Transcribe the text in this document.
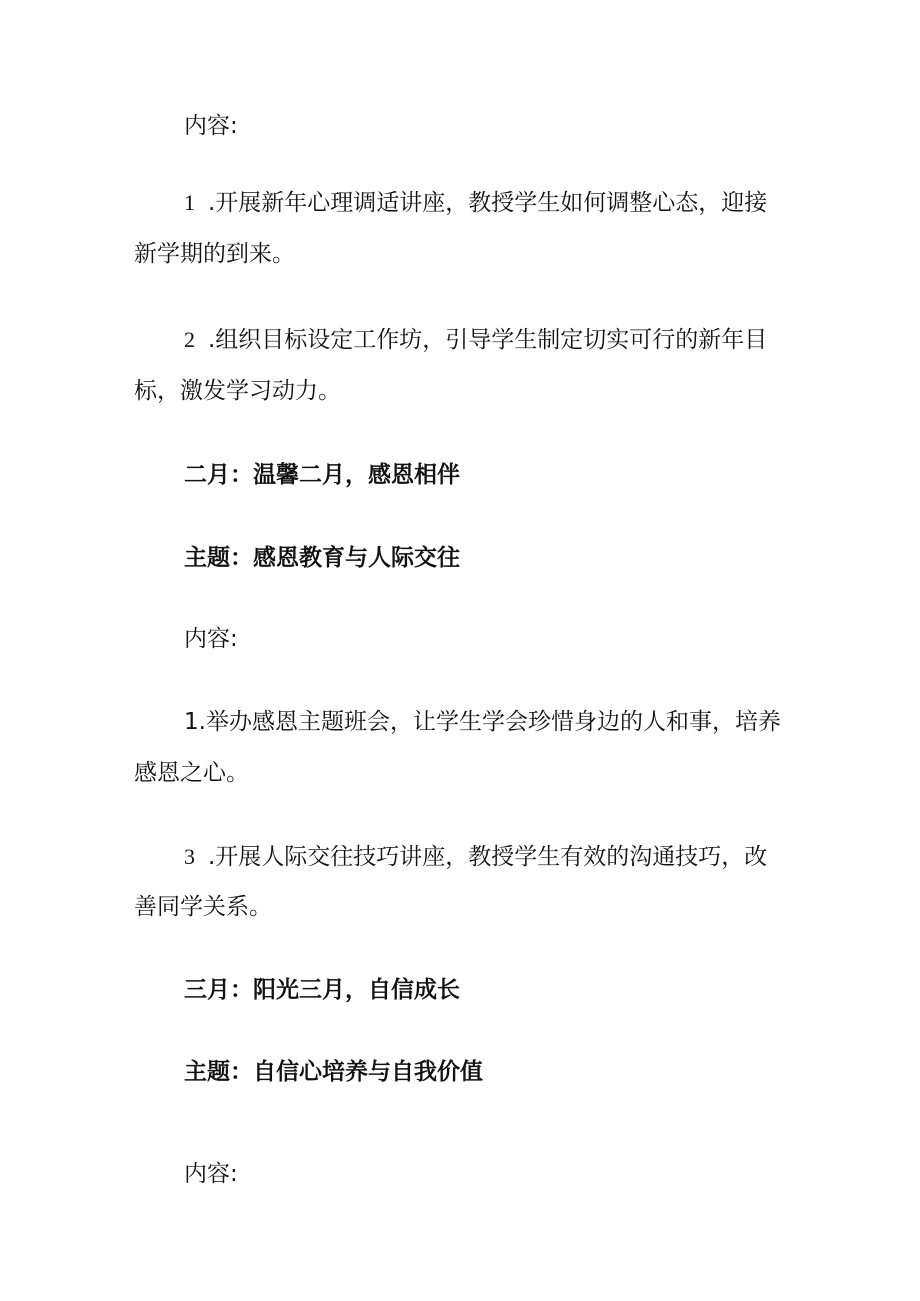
内容:
1 .开展新年心理调适讲座，教授学生如何调整心态，迎接
新学期的到来。
2 .组织目标设定工作坊，引导学生制定切实可行的新年目
标，激发学习动力。
二月：温馨二月，感恩相伴
主题：感恩教育与人际交往
内容:
1.举办感恩主题班会，让学生学会珍惜身边的人和事，培养
感恩之心。
3 .开展人际交往技巧讲座，教授学生有效的沟通技巧，改
善同学关系。
三月：阳光三月，自信成长
主题：自信心培养与自我价值
内容:
